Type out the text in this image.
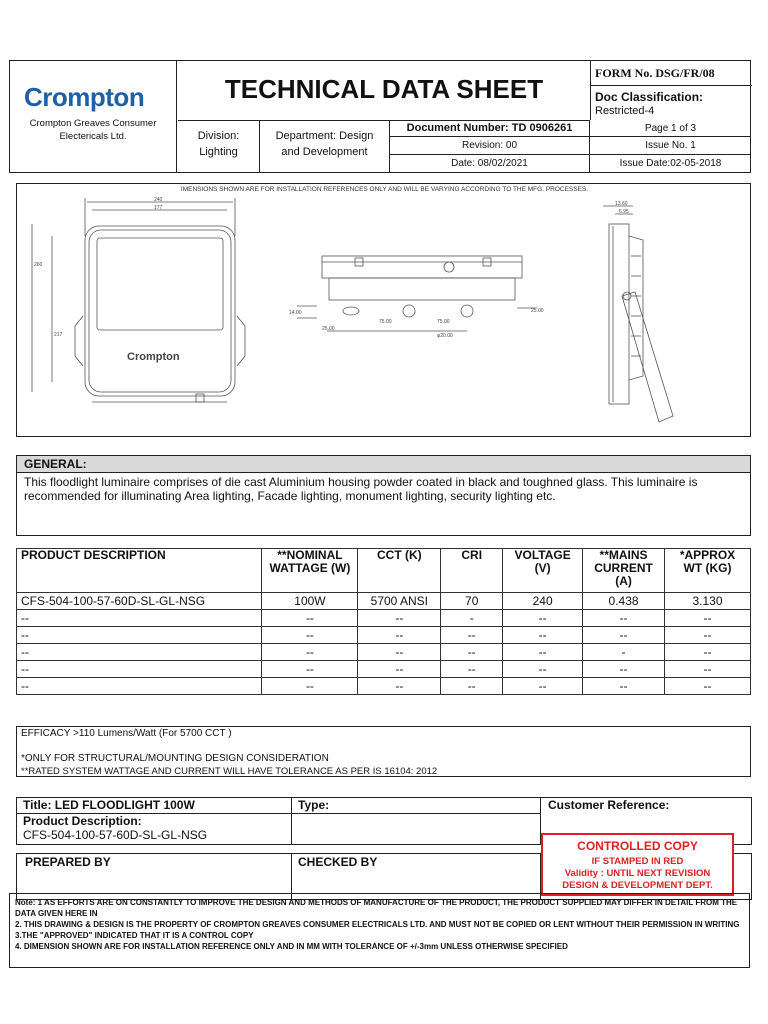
Crompton
Crompton Greaves Consumer Electericals Ltd.
TECHNICAL DATA SHEET
Division: Lighting
Department: Design and Development
Document Number: TD 0906261	Page 1 of 3
Revision: 00	Issue No. 1
Date: 08/02/2021	Issue Date:02-05-2018
FORM No. DSG/FR/08
Doc Classification:
Restricted-4
IMENSIONS SHOWN ARE FOR INSTALLATION REFERENCES ONLY AND WILL BE VARYING ACCORDING TO THE MFG. PROCESSES.
Crompton
240
177
260
217
14.00
25.00
75.00	75.00
25.00
φ20.00
13.60
6.95
GENERAL:
This floodlight luminaire comprises of die cast Aluminium housing powder coated in black and toughned glass. This luminaire is recommended for illuminating Area lighting, Facade lighting, monument lighting, security lighting etc.
PRODUCT DESCRIPTION	**NOMINAL WATTAGE (W)	CCT (K)	CRI	VOLTAGE (V)	**MAINS CURRENT (A)	*APPROX WT (KG)
CFS-504-100-57-60D-SL-GL-NSG	100W	5700 ANSI	70	240	0.438	3.130
--	--	--	-	--	--	--
--	--	--	--	--	--	--
--	--	--	--	--	-	--
--	--	--	--	--	--	--
--	--	--	--	--	--	--
EFFICACY >110 Lumens/Watt (For 5700 CCT )
*ONLY FOR STRUCTURAL/MOUNTING DESIGN CONSIDERATION
**RATED SYSTEM WATTAGE AND CURRENT WILL HAVE TOLERANCE AS PER IS 16104: 2012
Title: LED FLOODLIGHT 100W
Product Description:
CFS-504-100-57-60D-SL-GL-NSG
Type:	Customer Reference:
PREPARED BY	CHECKED BY
CONTROLLED COPY
IF STAMPED IN RED
Validity : UNTIL NEXT REVISION
DESIGN & DEVELOPMENT DEPT.
Note: 1 AS EFFORTS ARE ON CONSTANTLY TO IMPROVE THE DESIGN AND METHODS OF MANUFACTURE OF THE PRODUCT, THE PRODUCT SUPPLIED MAY DIFFER IN DETAIL FROM THE DATA GIVEN HERE IN
2. THIS DRAWING & DESIGN IS THE PROPERTY OF CROMPTON GREAVES CONSUMER ELECTRICALS LTD. AND MUST NOT BE COPIED OR LENT WITHOUT THEIR PERMISSION IN WRITING
3.THE "APPROVED" INDICATED THAT IT IS A CONTROL COPY
4. DIMENSION SHOWN ARE FOR INSTALLATION REFERENCE ONLY AND IN MM WITH TOLERANCE OF +/-3mm UNLESS OTHERWISE SPECIFIED
